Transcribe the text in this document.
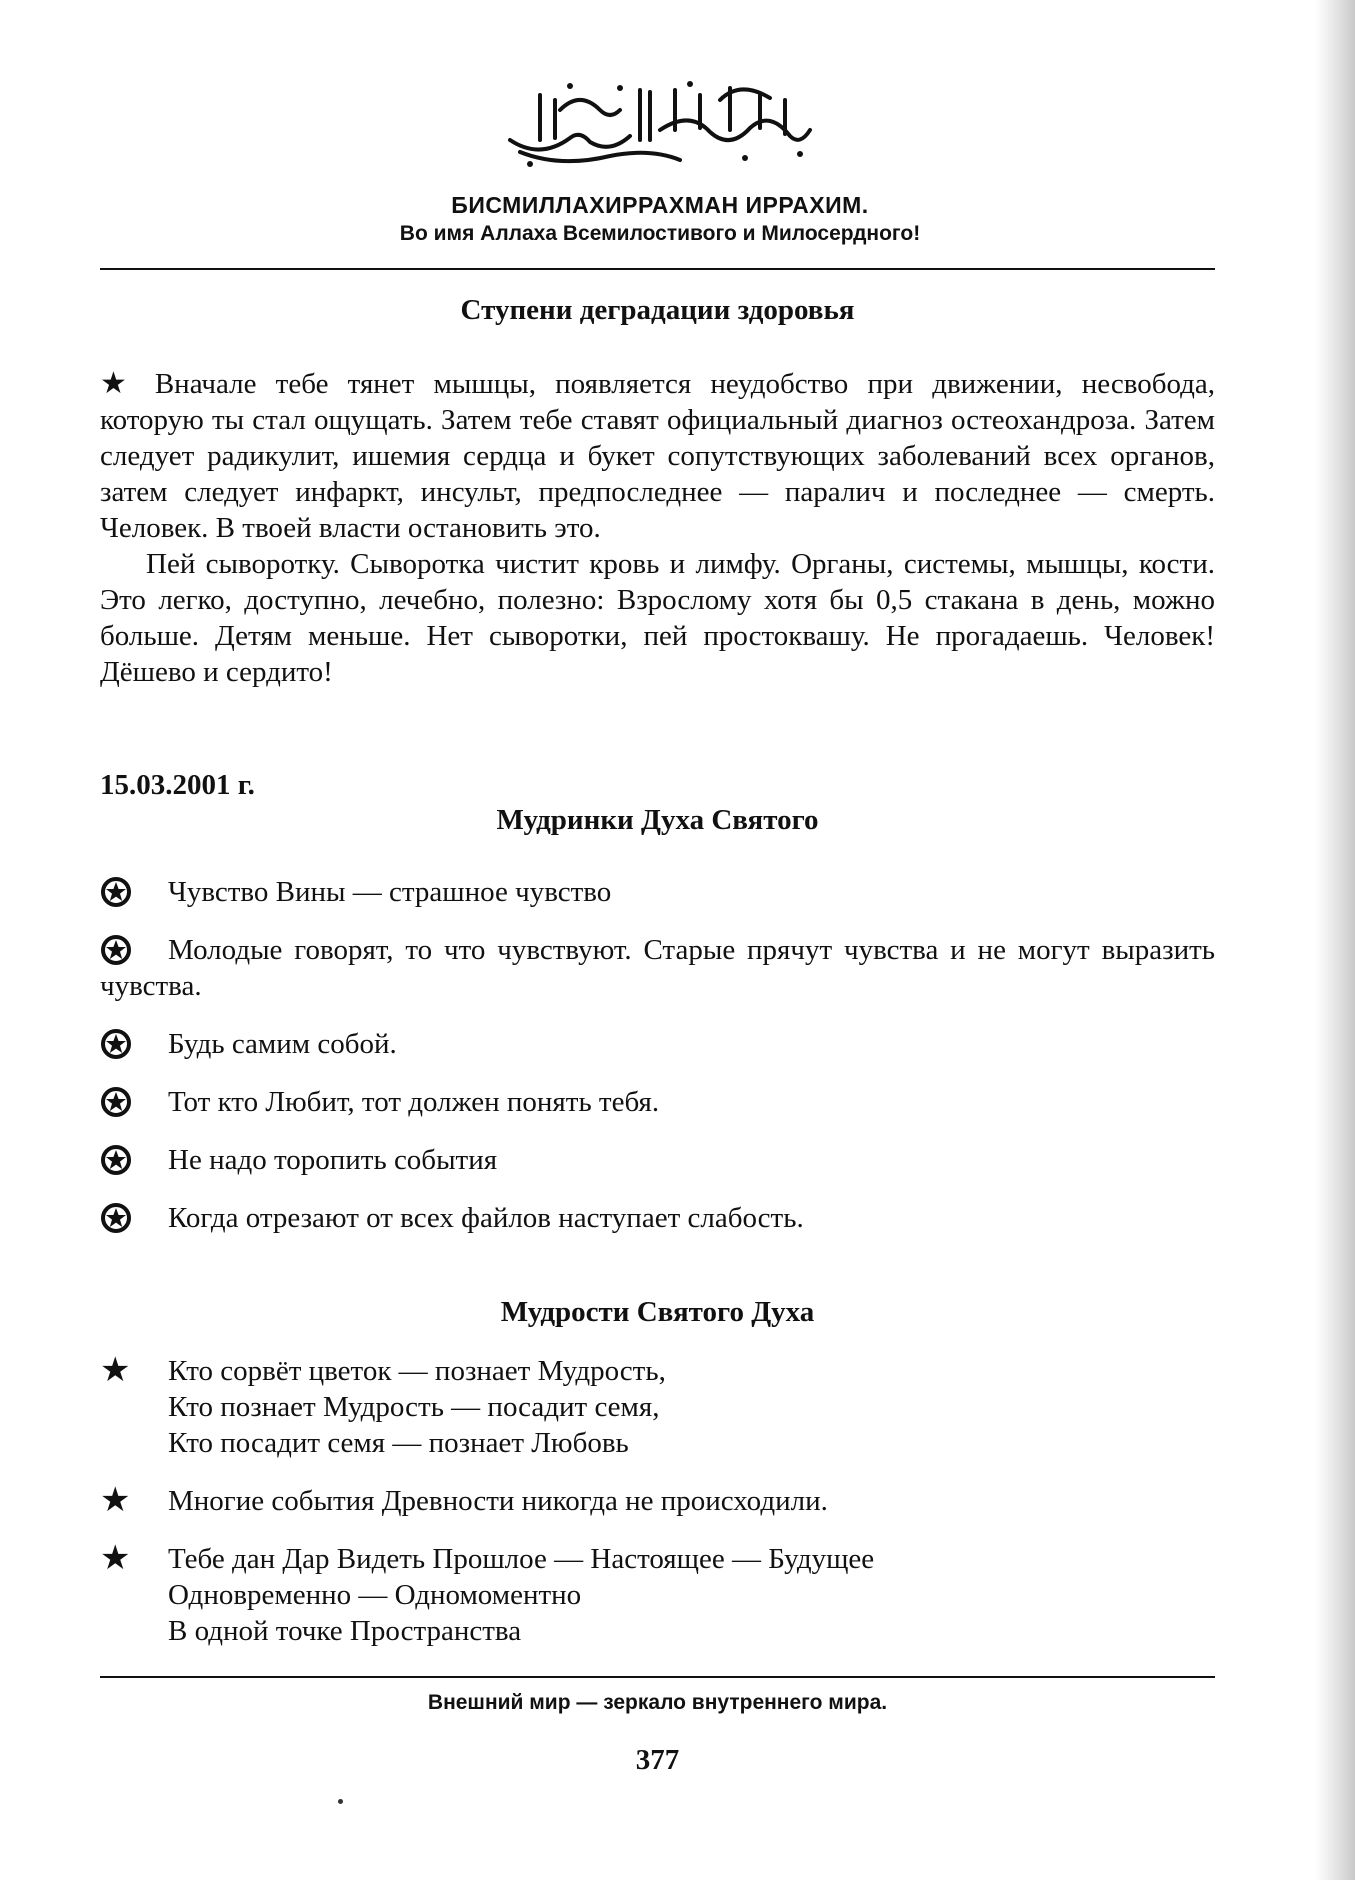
БИСМИЛЛАХИРРАХМАН ИРРАХИМ.
Во имя Аллаха Всемилостивого и Милосердного!

Ступени деградации здоровья

★ Вначале тебе тянет мышцы, появляется неудобство при движении, несвобода, которую ты стал ощущать. Затем тебе ставят официальный диагноз остеохандроза. Затем следует радикулит, ишемия сердца и букет сопутствующих заболеваний всех органов, затем следует инфаркт, инсульт, предпоследнее — паралич и последнее — смерть. Человек. В твоей власти остановить это.

Пей сыворотку. Сыворотка чистит кровь и лимфу. Органы, системы, мышцы, кости. Это легко, доступно, лечебно, полезно: Взрослому хотя бы 0,5 стакана в день, можно больше. Детям меньше. Нет сыворотки, пей простоквашу. Не прогадаешь. Человек! Дёшево и сердито!

15.03.2001 г.

Мудринки Духа Святого

Чувство Вины — страшное чувство
Молодые говорят, то что чувствуют. Старые прячут чувства и не могут выразить чувства.
Будь самим собой.
Тот кто Любит, тот должен понять тебя.
Не надо торопить события
Когда отрезают от всех файлов наступает слабость.

Мудрости Святого Духа

★ Кто сорвёт цветок — познает Мудрость,
Кто познает Мудрость — посадит семя,
Кто посадит семя — познает Любовь
★ Многие события Древности никогда не происходили.
★ Тебе дан Дар Видеть Прошлое — Настоящее — Будущее
Одновременно — Одномоментно
В одной точке Пространства
Внешний мир — зеркало внутреннего мира.
377
